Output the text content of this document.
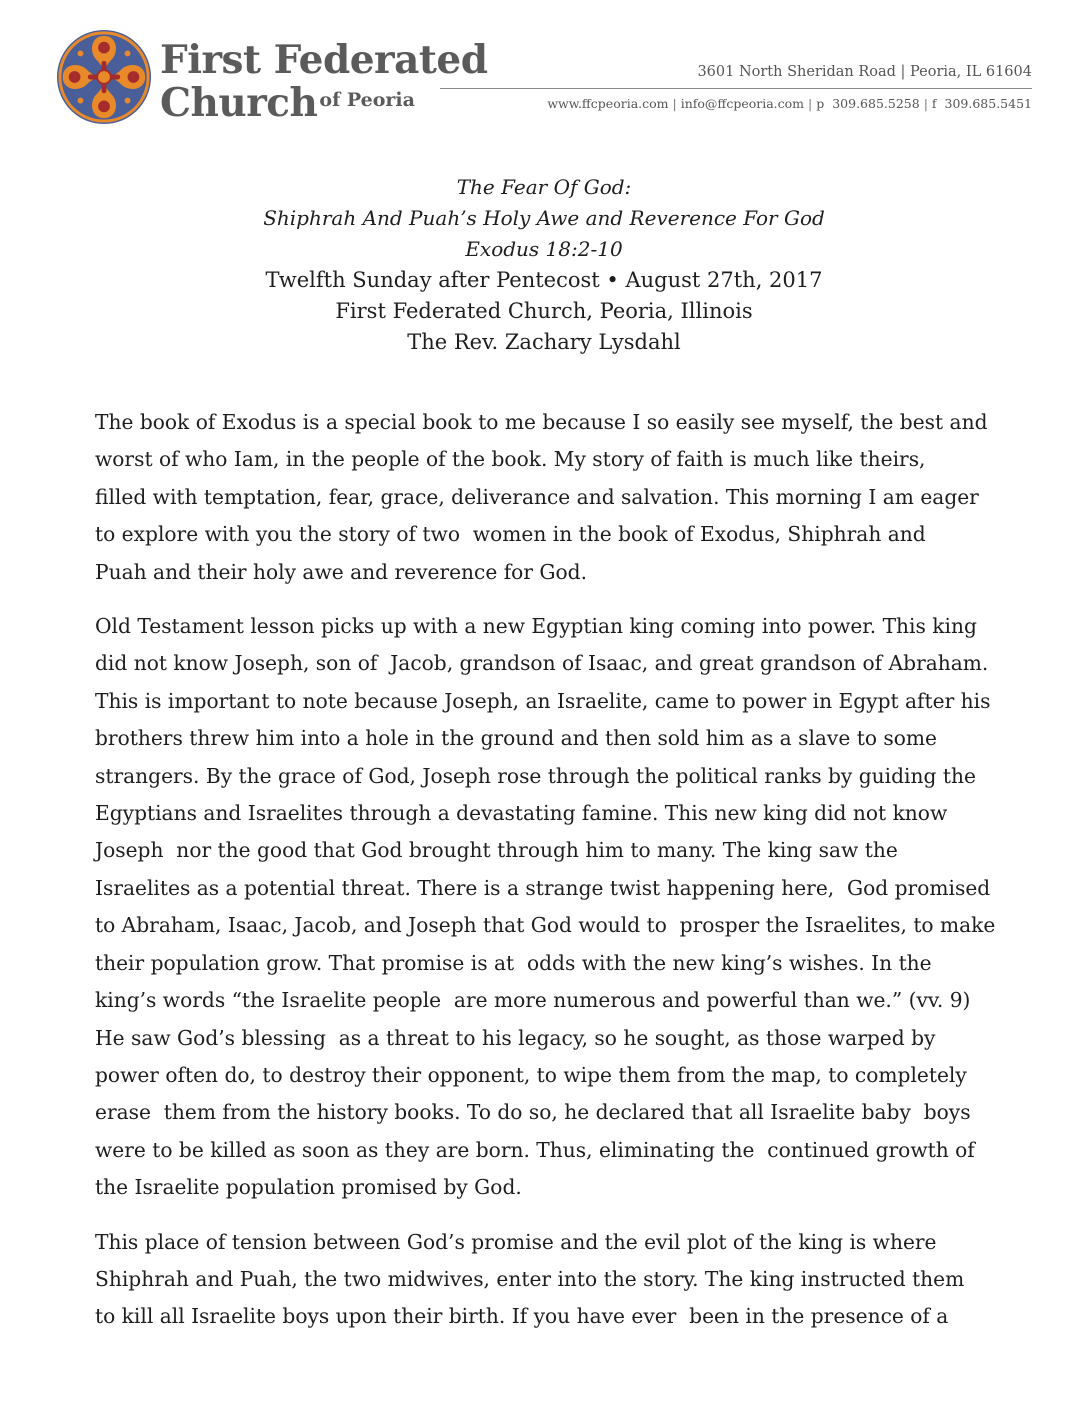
First Federated
Church $^{of Peoria}$
3601 North Sheridan Road | Peoria, IL 61604
www.ffcpeoria.com | info@ffcpeoria.com | p 309.685.5258 | f 309.685.5451
The Fear Of God:
Shiphrah And Puah’s Holy Awe and Reverence For God
Exodus 18:2-10
Twelfth Sunday after Pentecost • August 27th, 2017
First Federated Church, Peoria, Illinois
The Rev. Zachary Lysdahl

The book of Exodus is a special book to me because I so easily see myself, the best and
worst of who Iam, in the people of the book. My story of faith is much like theirs,
filled with temptation, fear, grace, deliverance and salvation. This morning I am eager
to explore with you the story of two  women in the book of Exodus, Shiphrah and
Puah and their holy awe and reverence for God.

Old Testament lesson picks up with a new Egyptian king coming into power. This king
did not know Joseph, son of  Jacob, grandson of Isaac, and great grandson of Abraham.
This is important to note because Joseph, an Israelite, came to power in Egypt after his
brothers threw him into a hole in the ground and then sold him as a slave to some
strangers. By the grace of God, Joseph rose through the political ranks by guiding the
Egyptians and Israelites through a devastating famine. This new king did not know
Joseph  nor the good that God brought through him to many. The king saw the
Israelites as a potential threat. There is a strange twist happening here,  God promised
to Abraham, Isaac, Jacob, and Joseph that God would to  prosper the Israelites, to make
their population grow. That promise is at  odds with the new king’s wishes. In the
king’s words “the Israelite people  are more numerous and powerful than we.” (vv. 9)
He saw God’s blessing  as a threat to his legacy, so he sought, as those warped by
power often do, to destroy their opponent, to wipe them from the map, to completely
erase  them from the history books. To do so, he declared that all Israelite baby  boys
were to be killed as soon as they are born. Thus, eliminating the  continued growth of
the Israelite population promised by God.

This place of tension between God’s promise and the evil plot of the king is where
Shiphrah and Puah, the two midwives, enter into the story. The king instructed them
to kill all Israelite boys upon their birth. If you have ever  been in the presence of a
